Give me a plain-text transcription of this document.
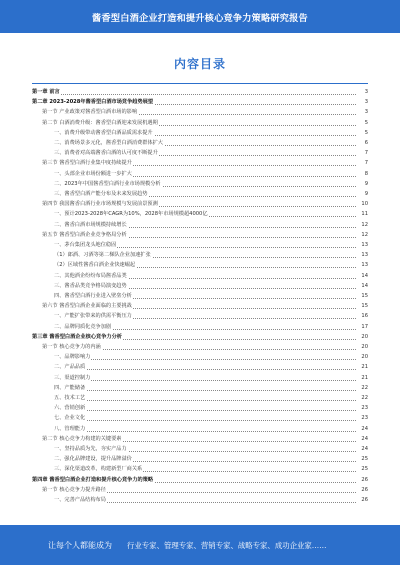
酱香型白酒企业打造和提升核心竞争力策略研究报告
内容目录
第一章 前言	3
第二章 2023-2028年酱香型白酒市场竞争趋势展望	3
第一节 产业政策对酱香型白酒市场的影响	3
第二节 白酒消费升级：酱香型白酒迎来发展机遇期	5
一、消费升级带动酱香型白酒品质需求提升	5
二、消费场景多元化，酱香型白酒消费群体扩大	6
三、消费者对高端酱香白酒的认可度不断提升	7
第三节 酱香型白酒行业集中度持续提升	7
一、头部企业市场份额进一步扩大	8
二、2023年中国酱香型白酒行业市场规模分析	9
三、酱香型白酒产能分布及未来发展趋势	9
第四节 我国酱香白酒行业市场规模与发展前景预测	10
一、预计2023-2028年CAGR为10%，2028年市场规模超4000亿	11
二、酱香白酒市场规模持续增长	12
第五节 酱香型白酒企业竞争格局分析	12
一、茅台集团龙头地位稳固	13
（1）郎酒、习酒等第二梯队企业加速扩张	13
（2）区域性酱香白酒企业快速崛起	13
二、其他酒企纷纷布局酱香品类	14
三、酱香品类竞争格局演变趋势	14
四、酱香型白酒行业进入壁垒分析	15
第六节 酱香型白酒企业面临的主要挑战	15
一、产能扩张带来的供需平衡压力	16
二、品牌同质化竞争加剧	17
第三章 酱香型白酒企业核心竞争力分析	20
第一节 核心竞争力的内涵	20
一、品牌影响力	20
二、产品品质	21
三、渠道控制力	21
四、产能储备	22
五、技术工艺	22
六、营销创新	23
七、企业文化	23
八、管理能力	24
第二节 核心竞争力构建的关键要素	24
一、坚持品质为先，夯实产品力	24
二、强化品牌建设，提升品牌溢价	25
三、深化渠道改革，构建新型厂商关系	25
第四章 酱香型白酒企业打造和提升核心竞争力的策略	26
第一节 核心竞争力提升路径	26
一、完善产品结构布局	26
让每个人都能成为 行业专家、管理专家、营销专家、战略专家、成功企业家……
